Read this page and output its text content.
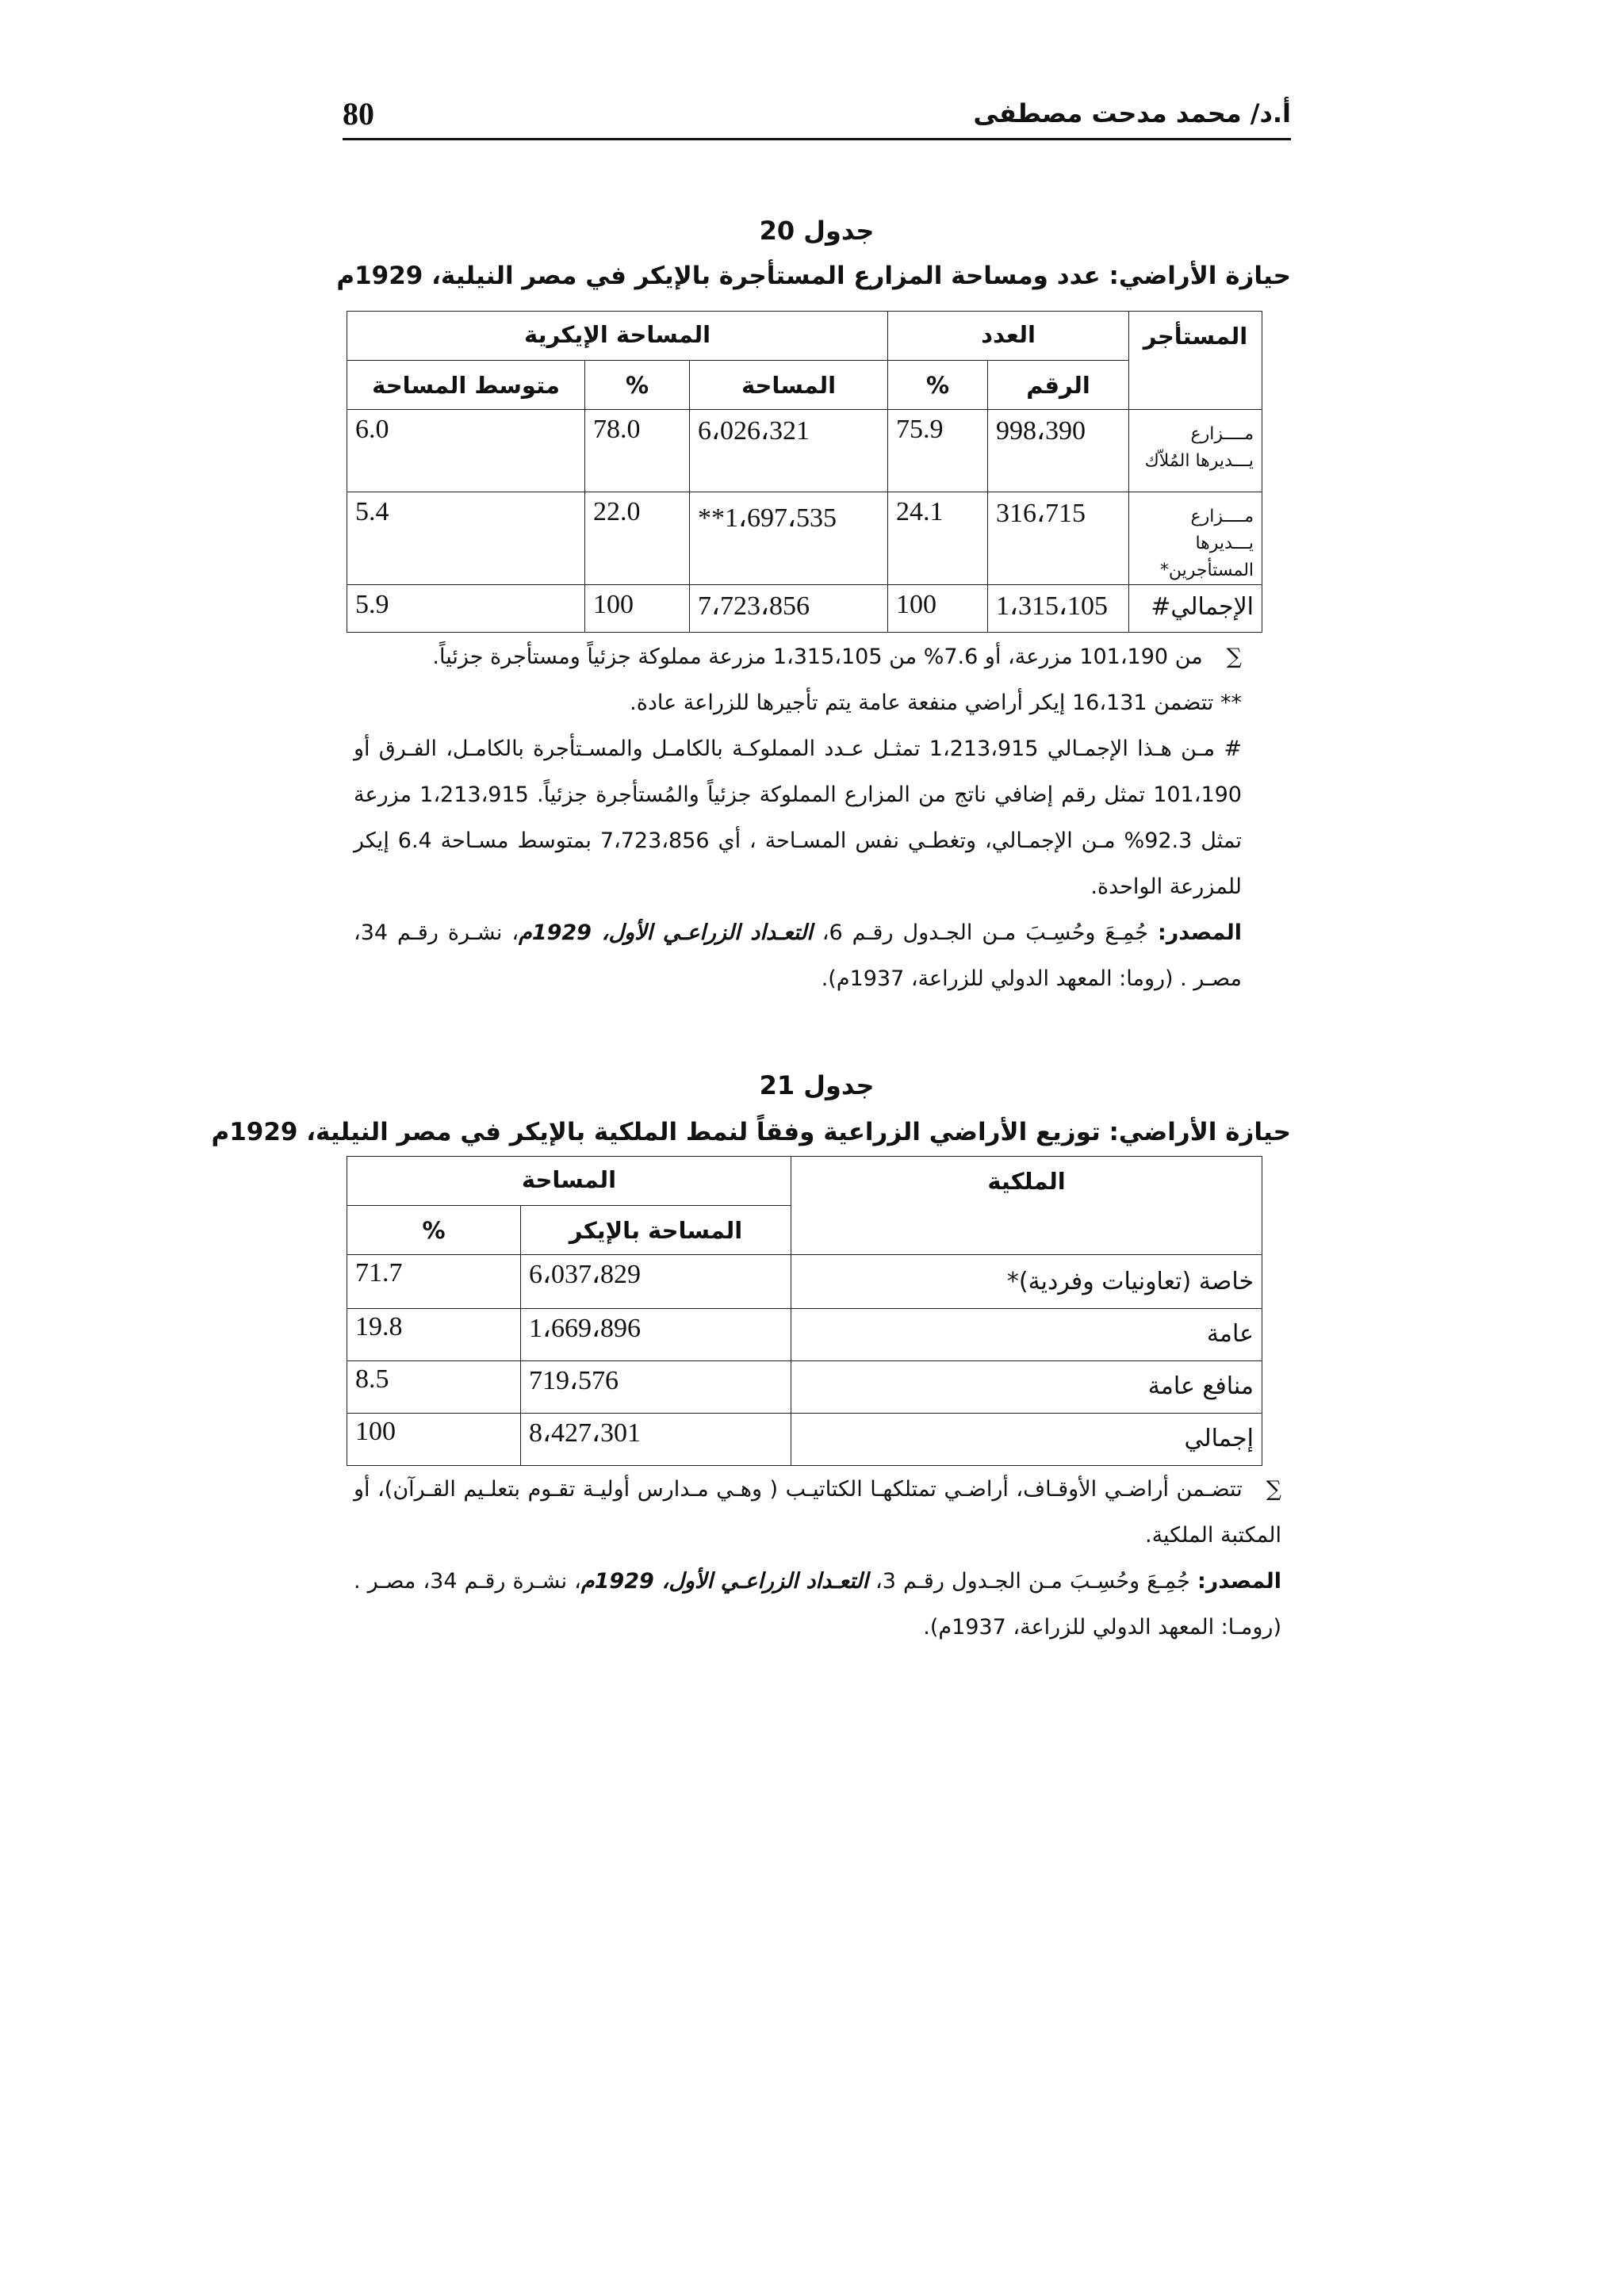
80	أ.د/ محمد مدحت مصطفى
جدول 20
حيازة الأراضي: عدد ومساحة المزارع المستأجرة بالإيكر في مصر النيلية، 1929م
المستأجر	العدد		المساحة الإيكرية		
	الرقم	%	المساحة	%	متوسط المساحة
مــــزارع يـــديرها المُلاّك	998،390	75.9	6،026،321	78.0	6.0
مــــزارع يـــديرها المستأجرين*	316،715	24.1	**1،697،535	22.0	5.4
الإجمالي#	1،315،105	100	7،723،856	100	5.9

∑من 101،190 مزرعة، أو 7.6% من 1،315،105 مزرعة مملوكة جزئياً ومستأجرة جزئياً.

** تتضمن 16،131 إيكر أراضي منفعة عامة يتم تأجيرها للزراعة عادة.

# مـن هـذا الإجمـالي 1،213،915 تمثـل عـدد المملوكـة بالكامـل والمسـتأجرة بالكامـل، الفـرق أو 101،190 تمثل رقم إضافي ناتج من المزارع المملوكة جزئياً والمُستأجرة جزئياً. 1،213،915 مزرعة تمثل 92.3% مـن الإجمـالي، وتغطـي نفس المسـاحة ، أي 7،723،856 بمتوسط مسـاحة 6.4 إيكر للمزرعة الواحدة.

المصدر: جُمِـعَ وحُسِـبَ مـن الجـدول رقـم 6، التعـداد الزراعـي الأول، 1929م، نشـرة رقـم 34، مصـر . (روما: المعهد الدولي للزراعة، 1937م).

جدول 21
حيازة الأراضي: توزيع الأراضي الزراعية وفقاً لنمط الملكية بالإيكر في مصر النيلية، 1929م
الملكية	المساحة	
	المساحة بالإيكر	%
خاصة (تعاونيات وفردية)*	6،037،829	71.7
عامة	1،669،896	19.8
منافع عامة	719،576	8.5
إجمالي	8،427،301	100

∑تتضـمن أراضـي الأوقـاف، أراضـي تمتلكهـا الكتاتيـب ( وهـي مـدارس أوليـة تقـوم بتعلـيم القـرآن)، أو المكتبة الملكية.

المصدر: جُمِـعَ وحُسِـبَ مـن الجـدول رقـم 3، التعـداد الزراعـي الأول، 1929م، نشـرة رقـم 34، مصـر . (رومـا: المعهد الدولي للزراعة، 1937م).
